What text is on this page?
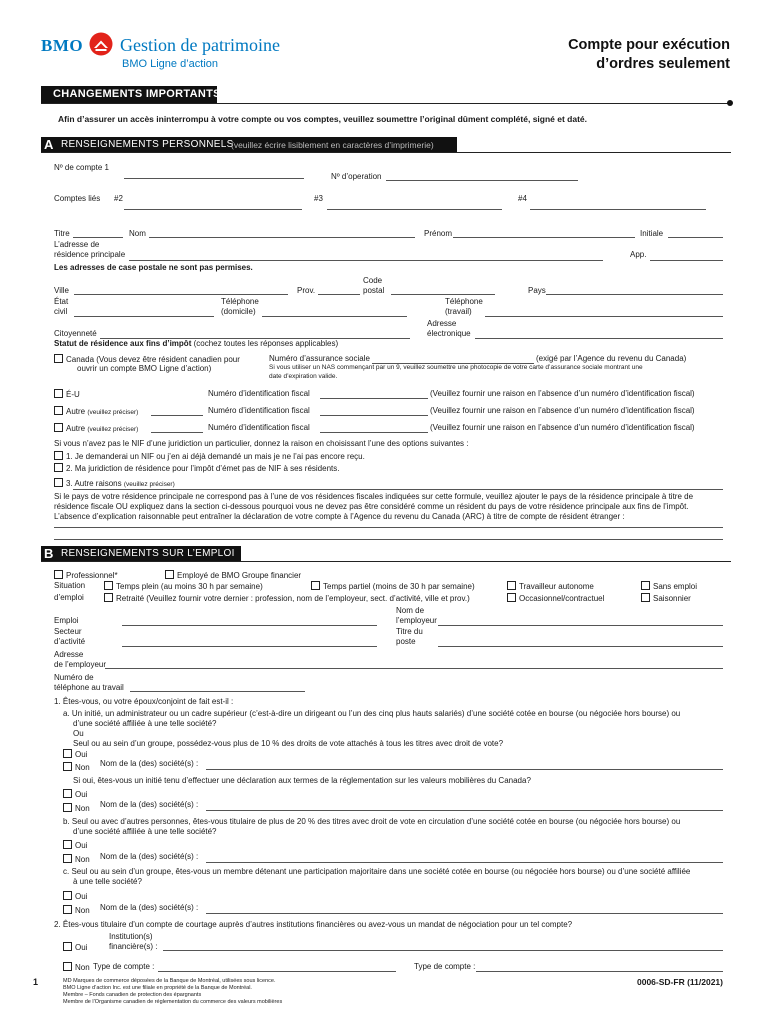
BMO Gestion de patrimoine
BMO Ligne d’action
Compte pour exécution
d’ordres seulement
CHANGEMENTS IMPORTANTS
Afin d’assurer un accès ininterrompu à votre compte ou vos comptes, veuillez soumettre l’original dûment complété, signé et daté.
A RENSEIGNEMENTS PERSONNELS
(veuillez écrire lisiblement en caractères d’imprimerie)
Nº de compte 1
Nº d’operation
Comptes liés #2	#3	#4
Titre	Nom	Prénom	Initiale
L’adresse de
résidence principale	App.
Les adresses de case postale ne sont pas permises.
Ville	Prov.
Code
postal	Pays
État
civil
Téléphone
(domicile)
Téléphone
(travail)
Adresse
électronique
Citoyenneté
Statut de résidence aux fins d’impôt (cochez toutes les réponses applicables)
Canada (Vous devez être résident canadien pour
ouvrir un compte BMO Ligne d’action)
Numéro d’assurance sociale	(exigé par l’Agence du revenu du Canada)
Si vous utiliser un NAS commençant par un 9, veuillez soumettre une photocopie de votre carte d’assurance sociale montrant une
date d’expiration valide.
É-U	Numéro d’identification fiscal	(Veuillez fournir une raison en l’absence d’un numéro d’identification fiscal)
Autre (veuillez préciser)	Numéro d’identification fiscal	(Veuillez fournir une raison en l’absence d’un numéro d’identification fiscal)
Autre (veuillez préciser)	Numéro d’identification fiscal	(Veuillez fournir une raison en l’absence d’un numéro d’identification fiscal)
Si vous n’avez pas le NIF d’une juridiction un particulier, donnez la raison en choisissant l’une des options suivantes :
1. Je demanderai un NIF ou j’en ai déjà demandé un mais je ne l’ai pas encore reçu.
2. Ma juridiction de résidence pour l’impôt d’émet pas de NIF à ses résidents.
3. Autre raisons (veuillez préciser)
Si le pays de votre résidence principale ne correspond pas à l’une de vos résidences fiscales indiquées sur cette formule, veuillez ajouter le pays de la résidence principale à titre de
résidence fiscale OU expliquez dans la section ci-dessous pourquoi vous ne devez pas être considéré comme un résident du pays de votre résidence principale aux fins de l’impôt.
L’absence d’explication raisonnable peut entraîner la déclaration de votre compte à l’Agence du revenu du Canada (ARC) à titre de compte de résident étranger :
B RENSEIGNEMENTS SUR L’EMPLOI
Professionnel*	Employé de BMO Groupe financier
Situation
d’emploi
Temps plein (au moins 30 h par semaine)	Temps partiel (moins de 30 h par semaine)	Travailleur autonome	Sans emploi
Retraité (Veuillez fournir votre dernier : profession, nom de l’employeur, sect. d’activité, ville et prov.)	Occasionnel/contractuel	Saisonnier
Nom de
l’employeur
Emploi
Titre du
poste
Secteur
d’activité
Adresse
de l’employeur
Numéro de
téléphone au travail
1. Êtes-vous, ou votre époux/conjoint de fait est-il :
a. Un initié, un administrateur ou un cadre supérieur (c’est-à-dire un dirigeant ou l’un des cinq plus hauts salariés) d’une société cotée en bourse (ou négociée hors bourse) ou
d’une société affiliée à une telle société?
Ou
Seul ou au sein d’un groupe, possédez-vous plus de 10 % des droits de vote attachés à tous les titres avec droit de vote?
Oui
Non Nom de la (des) société(s) :
Si oui, êtes-vous un initié tenu d’effectuer une déclaration aux termes de la réglementation sur les valeurs mobilières du Canada?
Oui
Non Nom de la (des) société(s) :
b. Seul ou avec d’autres personnes, êtes-vous titulaire de plus de 20 % des titres avec droit de vote en circulation d’une société cotée en bourse (ou négociée hors bourse) ou
d’une société affiliée à une telle société?
Oui
Non Nom de la (des) société(s) :
c. Seul ou au sein d’un groupe, êtes-vous un membre détenant une participation majoritaire dans une société cotée en bourse (ou négociée hors bourse) ou d’une société affiliée
à une telle société?
Oui
Non Nom de la (des) société(s) :
2. Êtes-vous titulaire d’un compte de courtage auprès d’autres institutions financières ou avez-vous un mandat de négociation pour un tel compte?
Institution(s)
financière(s) :
Oui
Non Type de compte :	Type de compte :
1	MD Marques de commerce déposées de la Banque de Montréal, utilisées sous licence.
BMO Ligne d’action Inc. est une filiale en propriété de la Banque de Montréal.
Membre – Fonds canadien de protection des épargnants
Membre de l’Organisme canadien de réglementation du commerce des valeurs mobilières
0006-SD-FR (11/2021)
